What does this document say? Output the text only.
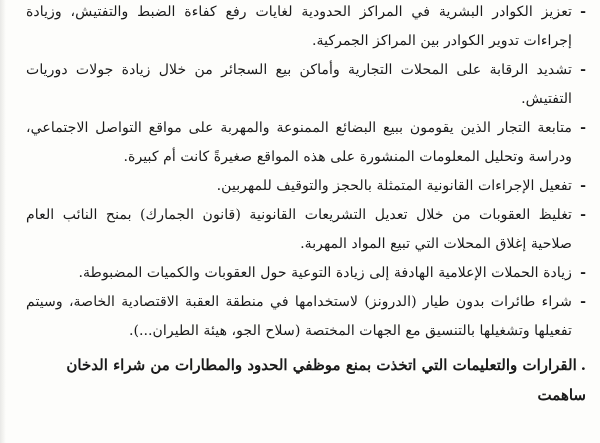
-
تعزيز الكوادر البشرية في المراكز الحدودية لغايات رفع كفاءة الضبط والتفتيش، وزيادة إجراءات تدوير الكوادر بين المراكز الجمركية.
-
تشديد الرقابة على المحلات التجارية وأماكن بيع السجائر من خلال زيادة جولات دوريات التفتيش.
-
متابعة التجار الذين يقومون ببيع البضائع الممنوعة والمهربة على مواقع التواصل الاجتماعي، ودراسة وتحليل المعلومات المنشورة على هذه المواقع صغيرةً كانت أم كبيرة.
-
تفعيل الإجراءات القانونية المتمثلة بالحجز والتوقيف للمهربين.
-
تغليظ العقوبات من خلال تعديل التشريعات القانونية (قانون الجمارك) بمنح النائب العام صلاحية إغلاق المحلات التي تبيع المواد المهربة.
-
زيادة الحملات الإعلامية الهادفة إلى زيادة التوعية حول العقوبات والكميات المضبوطة.
-
شراء طائرات بدون طيار (الدرونز) لاستخدامها في منطقة العقبة الاقتصادية الخاصة، وسيتم تفعيلها وتشغيلها بالتنسيق مع الجهات المختصة (سلاح الجو، هيئة الطيران...).

.القرارات والتعليمات التي اتخذت بمنع موظفي الحدود والمطارات من شراء الدخان ساهمت
